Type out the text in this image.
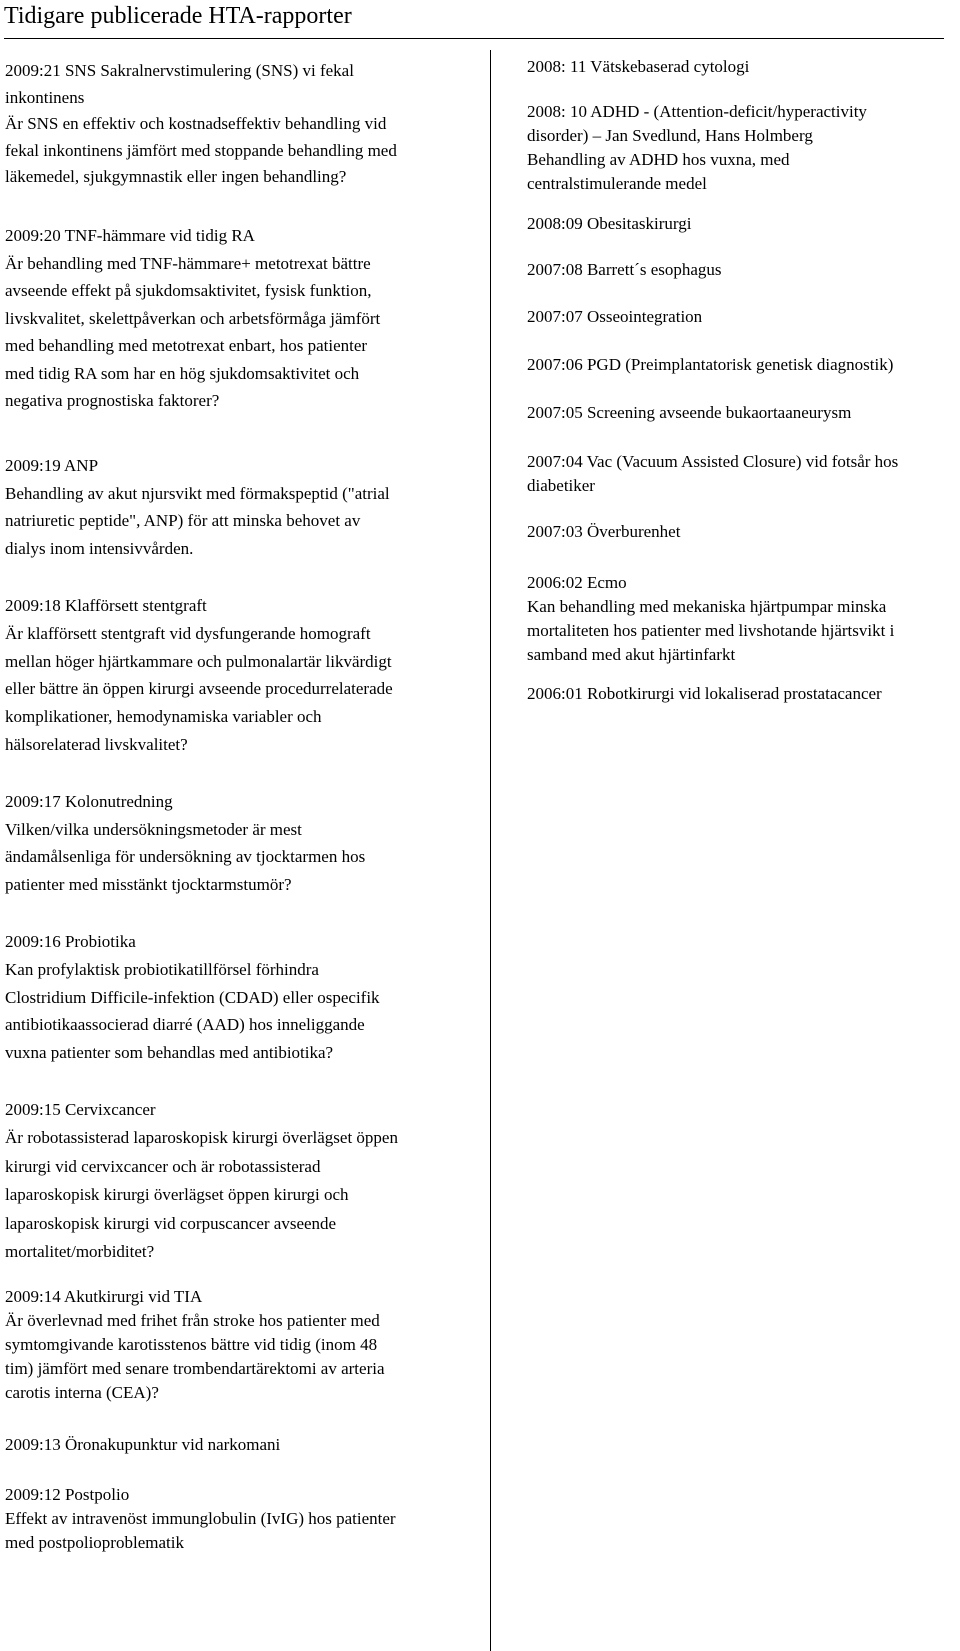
Tidigare publicerade HTA-rapporter
2009:21 SNS Sakralnervstimulering (SNS) vi fekal
inkontinens
Är SNS en effektiv och kostnadseffektiv behandling vid
fekal inkontinens jämfört med stoppande behandling med
läkemedel, sjukgymnastik eller ingen behandling?
2009:20 TNF-hämmare vid tidig RA
Är behandling med TNF-hämmare+ metotrexat bättre
avseende effekt på sjukdomsaktivitet, fysisk funktion,
livskvalitet, skelettpåverkan och arbetsförmåga jämfört
med behandling med metotrexat enbart, hos patienter
med tidig RA som har en hög sjukdomsaktivitet och
negativa prognostiska faktorer?
2009:19 ANP
Behandling av akut njursvikt med förmakspeptid ("atrial
natriuretic peptide", ANP) för att minska behovet av
dialys inom intensivvården.
2009:18 Klafförsett stentgraft
Är klafförsett stentgraft vid dysfungerande homograft
mellan höger hjärtkammare och pulmonalartär likvärdigt
eller bättre än öppen kirurgi avseende procedurrelaterade
komplikationer, hemodynamiska variabler och
hälsorelaterad livskvalitet?
2009:17 Kolonutredning
Vilken/vilka undersökningsmetoder är mest
ändamålsenliga för undersökning av tjocktarmen hos
patienter med misstänkt tjocktarmstumör?
2009:16 Probiotika
Kan profylaktisk probiotikatillförsel förhindra
Clostridium Difficile-infektion (CDAD) eller ospecifik
antibiotikaassocierad diarré (AAD) hos inneliggande
vuxna patienter som behandlas med antibiotika?
2009:15 Cervixcancer
Är robotassisterad laparoskopisk kirurgi överlägset öppen
kirurgi vid cervixcancer och är robotassisterad
laparoskopisk kirurgi överlägset öppen kirurgi och
laparoskopisk kirurgi vid corpuscancer avseende
mortalitet/morbiditet?
2009:14 Akutkirurgi vid TIA
Är överlevnad med frihet från stroke hos patienter med
symtomgivande karotisstenos bättre vid tidig (inom 48
tim) jämfört med senare trombendartärektomi av arteria
carotis interna (CEA)?
2009:13 Öronakupunktur vid narkomani
2009:12 Postpolio
Effekt av intravenöst immunglobulin (IvIG) hos patienter
med postpolioproblematik
2008: 11 Vätskebaserad cytologi
2008: 10 ADHD - (Attention-deficit/hyperactivity
disorder) – Jan Svedlund, Hans Holmberg
Behandling av ADHD hos vuxna, med
centralstimulerande medel
2008:09 Obesitaskirurgi
2007:08 Barrett´s esophagus
2007:07 Osseointegration
2007:06 PGD (Preimplantatorisk genetisk diagnostik)
2007:05 Screening avseende bukaortaaneurysm
2007:04 Vac (Vacuum Assisted Closure) vid fotsår hos
diabetiker
2007:03 Överburenhet
2006:02 Ecmo
Kan behandling med mekaniska hjärtpumpar minska
mortaliteten hos patienter med livshotande hjärtsvikt i
samband med akut hjärtinfarkt
2006:01 Robotkirurgi vid lokaliserad prostatacancer
